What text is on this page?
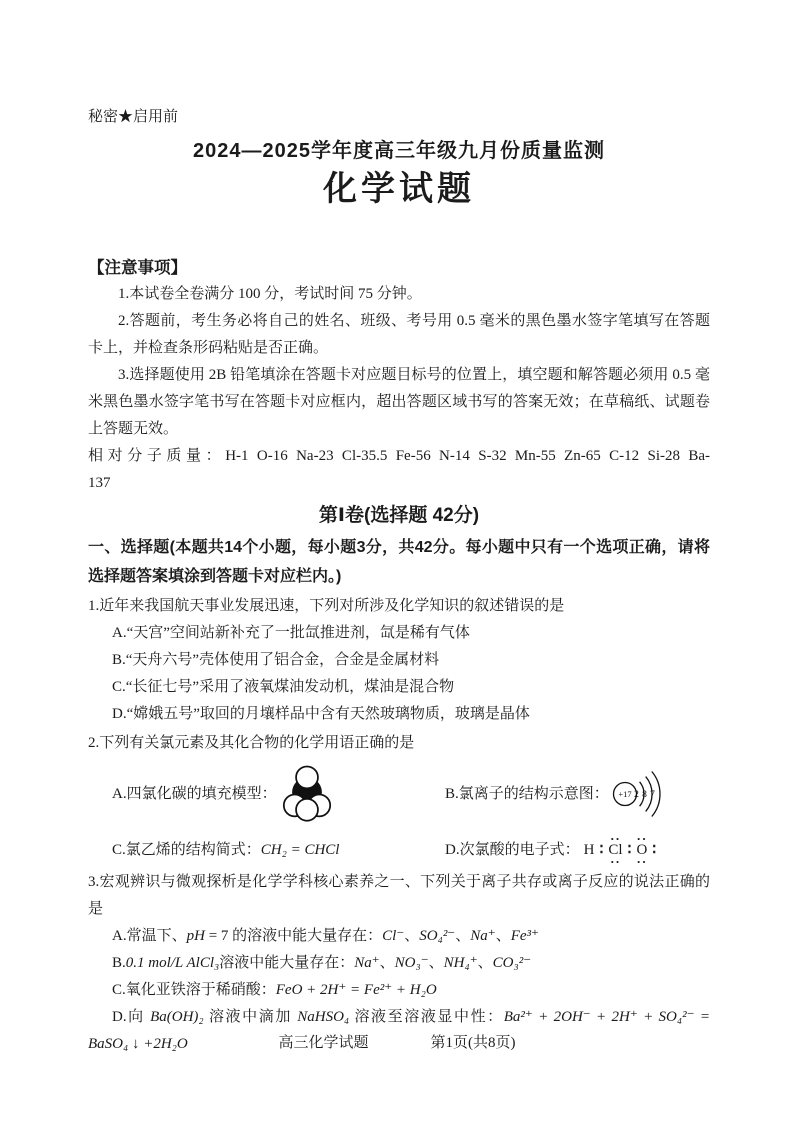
秘密★启用前
2024—2025学年度高三年级九月份质量监测
化学试题
【注意事项】

1.本试卷全卷满分 100 分，考试时间 75 分钟。

2.答题前，考生务必将自己的姓名、班级、考号用 0.5 毫米的黑色墨水签字笔填写在答题卡上，并检查条形码粘贴是否正确。

3.选择题使用 2B 铅笔填涂在答题卡对应题目标号的位置上，填空题和解答题必须用 0.5 毫米黑色墨水签字笔书写在答题卡对应框内，超出答题区域书写的答案无效；在草稿纸、试题卷上答题无效。

相对分子质量：H-1 O-16 Na-23 Cl-35.5 Fe-56 N-14 S-32 Mn-55 Zn-65 C-12 Si-28 Ba-

137

第Ⅰ卷(选择题 42分)

一、选择题(本题共14个小题，每小题3分，共42分。每小题中只有一个选项正确，请将选择题答案填涂到答题卡对应栏内。)

1.近年来我国航天事业发展迅速，下列对所涉及化学知识的叙述错误的是

A.“天宫”空间站新补充了一批氙推进剂，氙是稀有气体

B.“天舟六号”壳体使用了铝合金，合金是金属材料

C.“长征七号”采用了液氧煤油发动机，煤油是混合物

D.“嫦娥五号”取回的月壤样品中含有天然玻璃物质，玻璃是晶体

2.下列有关氯元素及其化合物的化学用语正确的是

A.四氯化碳的填充模型：	B.氯离子的结构示意图： +17 2 8 7
C.氯乙烯的结构简式： CH₂ = CHCl	D.次氯酸的电子式： H ∶
··
Cl
··
∶
··
O
··
∶

3.宏观辨识与微观探析是化学学科核心素养之一、下列关于离子共存或离子反应的说法正确的是

A.常温下、pH = 7 的溶液中能大量存在：Cl⁻、SO₄²⁻、Na⁺、Fe³⁺

B.0.1 mol/L AlCl₃溶液中能大量存在：Na⁺、NO₃⁻、NH₄⁺、CO₃²⁻

C.氧化亚铁溶于稀硝酸：FeO + 2H⁺ = Fe²⁺ + H₂O

D.向 Ba(OH)₂ 溶液中滴加 NaHSO₄ 溶液至溶液显中性：Ba²⁺ + 2OH⁻ + 2H⁺ + SO₄²⁻ = BaSO₄ ↓ +2H₂O	高三化学试题	第1页(共8页)
